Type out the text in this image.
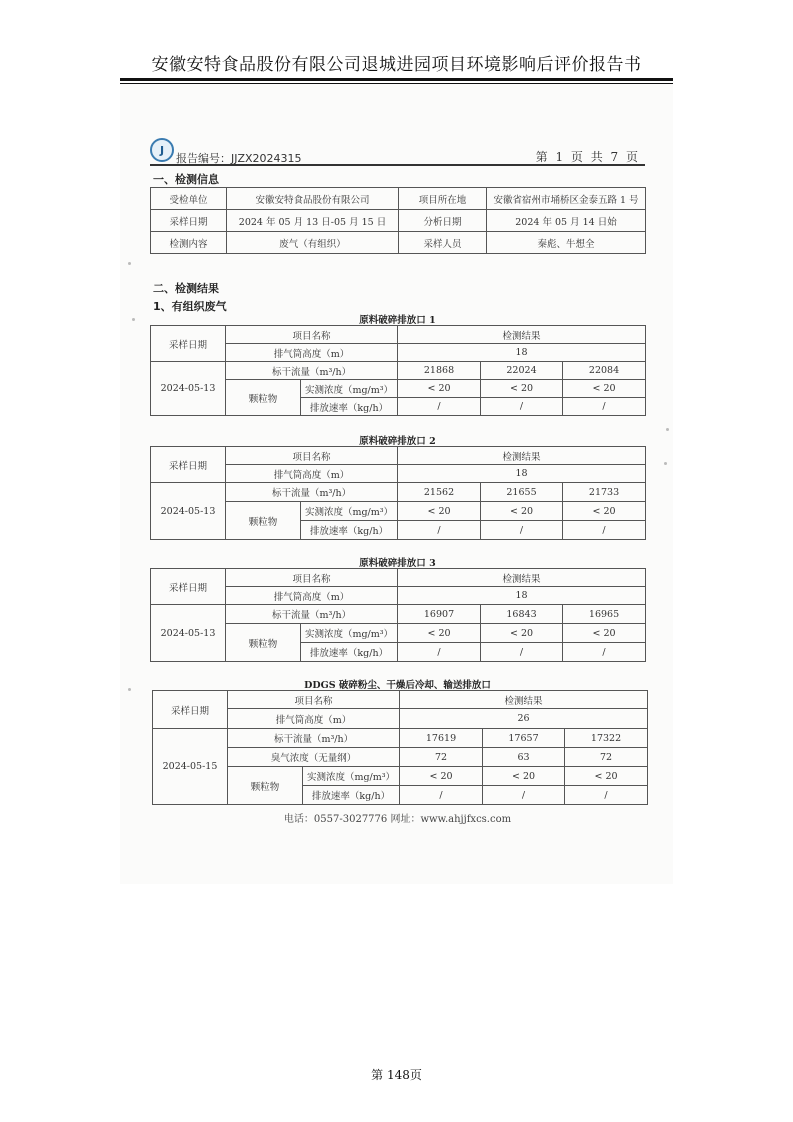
安徽安特食品股份有限公司退城进园项目环境影响后评价报告书
J
报告编号：JJZX2024315	第 1 页 共 7 页
一、检测信息
受检单位	安徽安特食品股份有限公司	项目所在地	安徽省宿州市埇桥区金泰五路 1 号
采样日期	2024 年 05 月 13 日-05 月 15 日	分析日期	2024 年 05 月 14 日始
检测内容	废气（有组织）	采样人员	秦彪、牛想全
二、检测结果
1、有组织废气
原料破碎排放口 1
采样日期	项目名称		检测结果		
	排气筒高度（m）		18		
2024-05-13	标干流量（m³/h）		21868	22024	22084
	颗粒物	实测浓度（mg/m³）	< 20	< 20	< 20
		排放速率（kg/h）	/	/	/
原料破碎排放口 2
采样日期	项目名称		检测结果		
	排气筒高度（m）		18		
2024-05-13	标干流量（m³/h）		21562	21655	21733
	颗粒物	实测浓度（mg/m³）	< 20	< 20	< 20
		排放速率（kg/h）	/	/	/
原料破碎排放口 3
采样日期	项目名称		检测结果		
	排气筒高度（m）		18		
2024-05-13	标干流量（m³/h）		16907	16843	16965
	颗粒物	实测浓度（mg/m³）	< 20	< 20	< 20
		排放速率（kg/h）	/	/	/
DDGS 破碎粉尘、干燥后冷却、输送排放口
采样日期	项目名称		检测结果		
	排气筒高度（m）		26		
2024-05-15	标干流量（m³/h）		17619	17657	17322
	臭气浓度（无量纲）		72	63	72
	颗粒物	实测浓度（mg/m³）	< 20	< 20	< 20
		排放速率（kg/h）	/	/	/
电话：0557-3027776 网址：www.ahjjfxcs.com
第 148页
